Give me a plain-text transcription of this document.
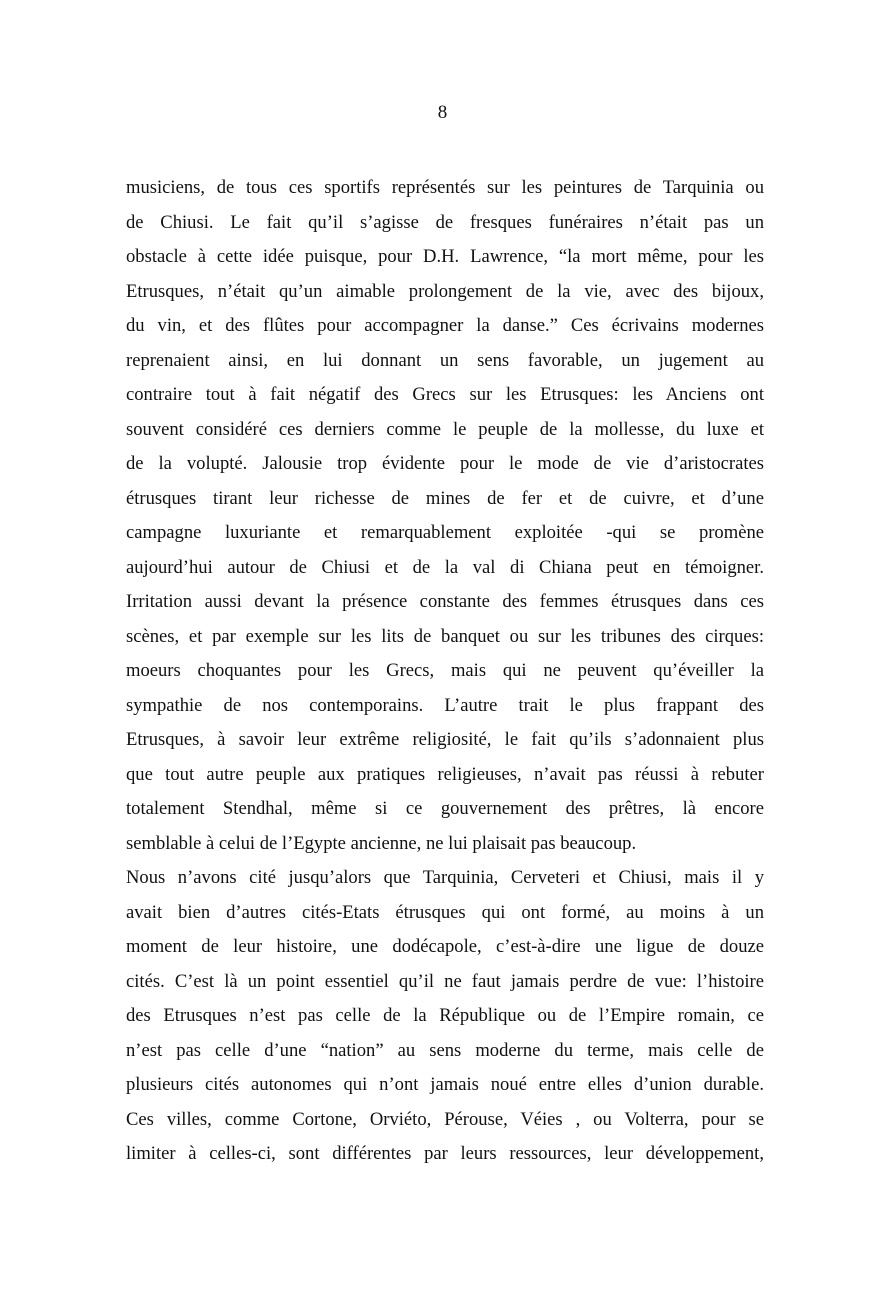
8
musiciens, de tous ces sportifs représentés sur les peintures de Tarquinia ou
de Chiusi. Le fait qu’il s’agisse de fresques funéraires n’était pas un
obstacle à cette idée puisque, pour D.H. Lawrence, “la mort même, pour les
Etrusques, n’était qu’un aimable prolongement de la vie, avec des bijoux,
du vin, et des flûtes pour accompagner la danse.” Ces écrivains modernes
reprenaient ainsi, en lui donnant un sens favorable, un jugement au
contraire tout à fait négatif des Grecs sur les Etrusques: les Anciens ont
souvent considéré ces derniers comme le peuple de la mollesse, du luxe et
de la volupté. Jalousie trop évidente pour le mode de vie d’aristocrates
étrusques tirant leur richesse de mines de fer et de cuivre, et d’une
campagne luxuriante et remarquablement exploitée -qui se promène
aujourd’hui autour de Chiusi et de la val di Chiana peut en témoigner.
Irritation aussi devant la présence constante des femmes étrusques dans ces
scènes, et par exemple sur les lits de banquet ou sur les tribunes des cirques:
moeurs choquantes pour les Grecs, mais qui ne peuvent qu’éveiller la
sympathie de nos contemporains. L’autre trait le plus frappant des
Etrusques, à savoir leur extrême religiosité, le fait qu’ils s’adonnaient plus
que tout autre peuple aux pratiques religieuses, n’avait pas réussi à rebuter
totalement Stendhal, même si ce gouvernement des prêtres, là encore
semblable à celui de l’Egypte ancienne, ne lui plaisait pas beaucoup.
Nous n’avons cité jusqu’alors que Tarquinia, Cerveteri et Chiusi, mais il y
avait bien d’autres cités-Etats étrusques qui ont formé, au moins à un
moment de leur histoire, une dodécapole, c’est-à-dire une ligue de douze
cités. C’est là un point essentiel qu’il ne faut jamais perdre de vue: l’histoire
des Etrusques n’est pas celle de la République ou de l’Empire romain, ce
n’est pas celle d’une “nation” au sens moderne du terme, mais celle de
plusieurs cités autonomes qui n’ont jamais noué entre elles d’union durable.
Ces villes, comme Cortone, Orviéto, Pérouse, Véies , ou Volterra, pour se
limiter à celles-ci, sont différentes par leurs ressources, leur développement,
